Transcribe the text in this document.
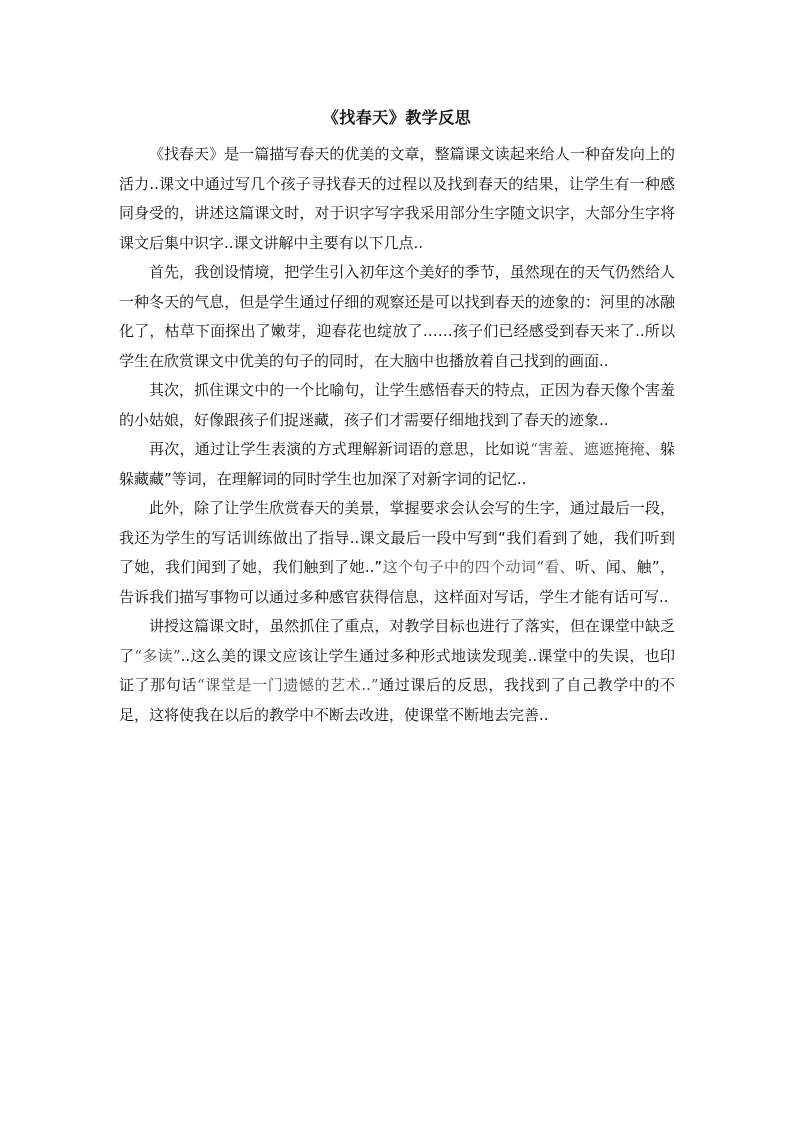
《找春天》教学反思

《找春天》是一篇描写春天的优美的文章，整篇课文读起来给人一种奋发向上的活力..课文中通过写几个孩子寻找春天的过程以及找到春天的结果，让学生有一种感同身受的，讲述这篇课文时，对于识字写字我采用部分生字随文识字，大部分生字将课文后集中识字..课文讲解中主要有以下几点..

首先，我创设情境，把学生引入初年这个美好的季节，虽然现在的天气仍然给人一种冬天的气息，但是学生通过仔细的观察还是可以找到春天的迹象的：河里的冰融化了，枯草下面探出了嫩芽，迎春花也绽放了……孩子们已经感受到春天来了..所以学生在欣赏课文中优美的句子的同时，在大脑中也播放着自己找到的画面..

其次，抓住课文中的一个比喻句，让学生感悟春天的特点，正因为春天像个害羞的小姑娘，好像跟孩子们捉迷藏，孩子们才需要仔细地找到了春天的迹象..

再次，通过让学生表演的方式理解新词语的意思，比如说“害羞、遮遮掩掩、躲躲藏藏”等词，在理解词的同时学生也加深了对新字词的记忆..

此外，除了让学生欣赏春天的美景，掌握要求会认会写的生字，通过最后一段，我还为学生的写话训练做出了指导..课文最后一段中写到“我们看到了她，我们听到了她，我们闻到了她，我们触到了她..”这个句子中的四个动词“看、听、闻、触”，告诉我们描写事物可以通过多种感官获得信息，这样面对写话，学生才能有话可写..

讲授这篇课文时，虽然抓住了重点，对教学目标也进行了落实，但在课堂中缺乏了“多读”..这么美的课文应该让学生通过多种形式地读发现美..课堂中的失误，也印证了那句话“课堂是一门遗憾的艺术..”通过课后的反思，我找到了自己教学中的不足，这将使我在以后的教学中不断去改进，使课堂不断地去完善..
